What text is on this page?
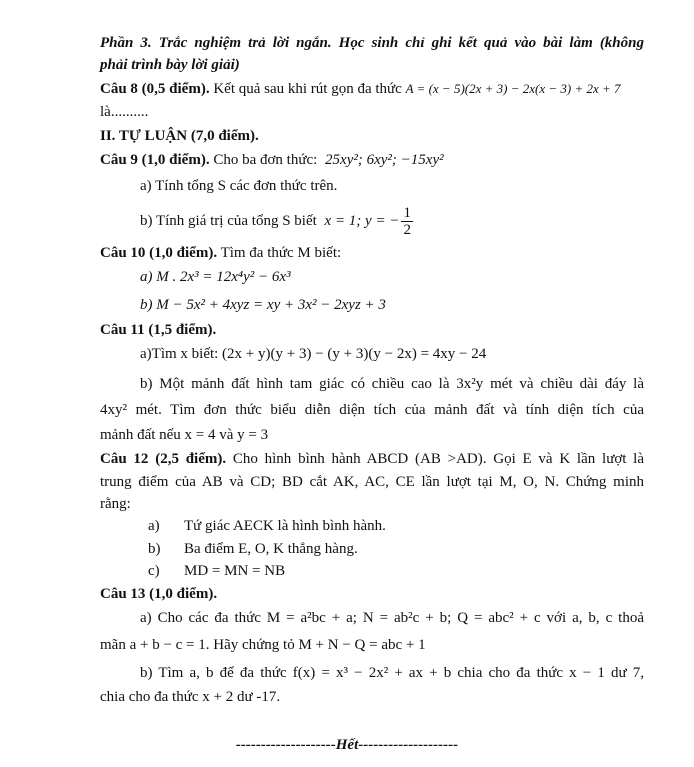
Phần 3. Trắc nghiệm trả lời ngắn. Học sinh chỉ ghi kết quả vào bài làm (không
phải trình bày lời giải)
Câu 8 (0,5 điểm). Kết quả sau khi rút gọn đa thức A = (x − 5)(2x + 3) − 2x(x − 3) + 2x + 7
là..........
II. TỰ LUẬN (7,0 điểm).
Câu 9 (1,0 điểm). Cho ba đơn thức: 25xy²; 6xy²; −15xy²
a) Tính tổng S các đơn thức trên.
b) Tính giá trị của tổng S biết x = 1; y = − $\frac{1}{2}$
Câu 10 (1,0 điểm). Tìm đa thức M biết:
a) M . 2x³ = 12x⁴y² − 6x³
b) M − 5x² + 4xyz = xy + 3x² − 2xyz + 3
Câu 11 (1,5 điểm).
a)Tìm x biết: (2x + y)(y + 3) − (y + 3)(y − 2x) = 4xy − 24
b) Một mảnh đất hình tam giác có chiều cao là 3x²y mét và chiều dài đáy là
4xy² mét. Tìm đơn thức biểu diễn diện tích của mảnh đất và tính diện tích của
mảnh đất nếu x = 4 và y = 3
Câu 12 (2,5 điểm). Cho hình bình hành ABCD (AB >AD). Gọi E và K lần lượt là
trung điểm của AB và CD; BD cắt AK, AC, CE lần lượt tại M, O, N. Chứng minh
rằng:
a) Tứ giác AECK là hình bình hành.
b) Ba điểm E, O, K thẳng hàng.
c) MD = MN = NB
Câu 13 (1,0 điểm).
a) Cho các đa thức M = a²bc + a; N = ab²c + b; Q = abc² + c với a, b, c thoả
mãn a + b − c = 1. Hãy chứng tỏ M + N − Q = abc + 1
b) Tìm a, b để đa thức f(x) = x³ − 2x² + ax + b chia cho đa thức x − 1 dư 7,
chia cho đa thức x + 2 dư -17.
--------------------Hết--------------------
